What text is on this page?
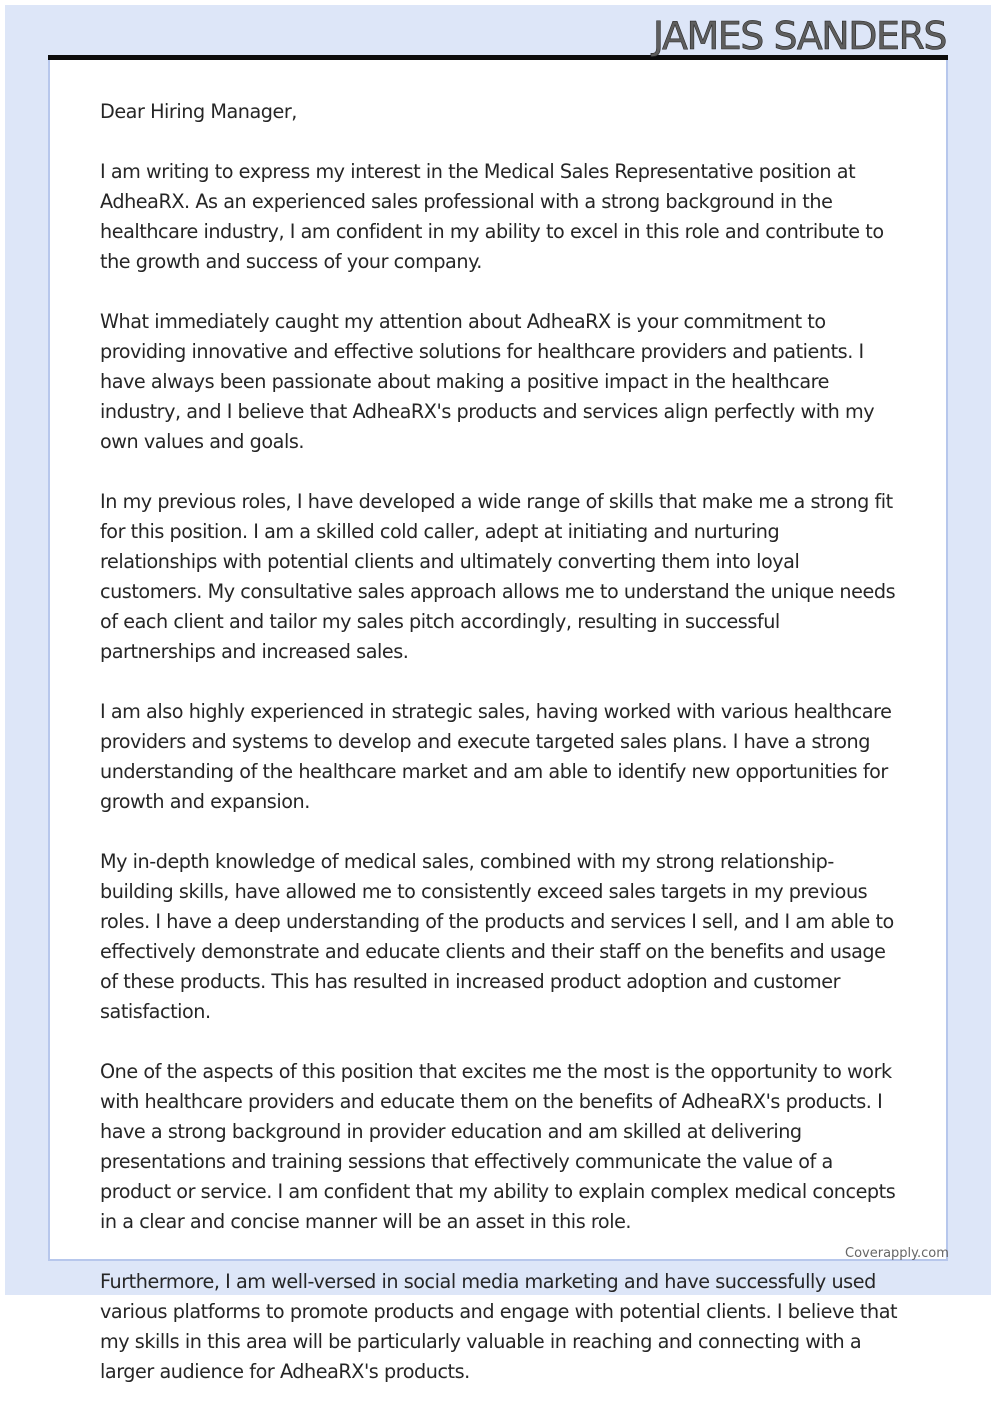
JAMES SANDERS

Dear Hiring Manager,

I am writing to express my interest in the Medical Sales Representative position at AdheaRX. As an experienced sales professional with a strong background in the healthcare industry, I am confident in my ability to excel in this role and contribute to the growth and success of your company.

What immediately caught my attention about AdheaRX is your commitment to providing innovative and effective solutions for healthcare providers and patients. I have always been passionate about making a positive impact in the healthcare industry, and I believe that AdheaRX's products and services align perfectly with my own values and goals.

In my previous roles, I have developed a wide range of skills that make me a strong fit for this position. I am a skilled cold caller, adept at initiating and nurturing relationships with potential clients and ultimately converting them into loyal customers. My consultative sales approach allows me to understand the unique needs of each client and tailor my sales pitch accordingly, resulting in successful partnerships and increased sales.

I am also highly experienced in strategic sales, having worked with various healthcare providers and systems to develop and execute targeted sales plans. I have a strong understanding of the healthcare market and am able to identify new opportunities for growth and expansion.

My in-depth knowledge of medical sales, combined with my strong relationship-building skills, have allowed me to consistently exceed sales targets in my previous roles. I have a deep understanding of the products and services I sell, and I am able to effectively demonstrate and educate clients and their staff on the benefits and usage of these products. This has resulted in increased product adoption and customer satisfaction.

One of the aspects of this position that excites me the most is the opportunity to work with healthcare providers and educate them on the benefits of AdheaRX's products. I have a strong background in provider education and am skilled at delivering presentations and training sessions that effectively communicate the value of a product or service. I am confident that my ability to explain complex medical concepts in a clear and concise manner will be an asset in this role.

Furthermore, I am well-versed in social media marketing and have successfully used various platforms to promote products and engage with potential clients. I believe that my skills in this area will be particularly valuable in reaching and connecting with a larger audience for AdheaRX's products.

Coverapply.com
